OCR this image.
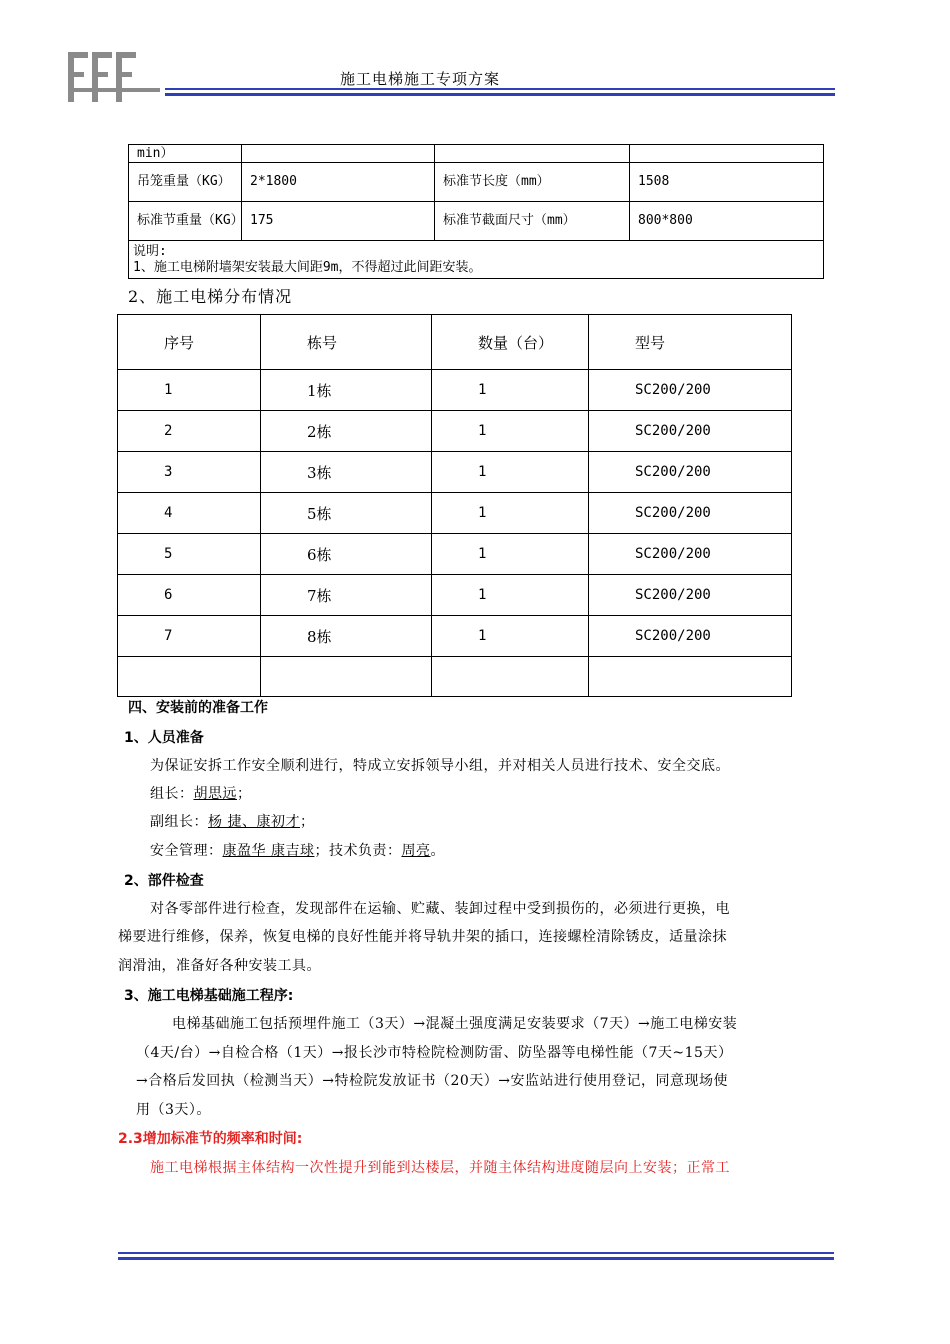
施工电梯施工专项方案
min）			
吊笼重量（KG）	2*1800	标准节长度（mm）	1508
标准节重量（KG）	175	标准节截面尺寸（mm）	800*800

说明:
1、施工电梯附墙架安装最大间距9m，不得超过此间距安装。			
2、施工电梯分布情况
序号	栋号	数量（台）	型号
1	1栋	1	SC200/200
2	2栋	1	SC200/200
3	3栋	1	SC200/200
4	5栋	1	SC200/200
5	6栋	1	SC200/200
6	7栋	1	SC200/200
7	8栋	1	SC200/200

四、安装前的准备工作
1、人员准备
为保证安拆工作安全顺利进行，特成立安拆领导小组，并对相关人员进行技术、安全交底。
组长：胡思远；
副组长：杨 捷、康初才；
安全管理：康盈华 康吉球；技术负责：周亮。
2、部件检查
对各零部件进行检查，发现部件在运输、贮藏、装卸过程中受到损伤的，必须进行更换，电
梯要进行维修，保养，恢复电梯的良好性能并将导轨井架的插口，连接螺栓清除锈皮，适量涂抹
润滑油，准备好各种安装工具。
3、施工电梯基础施工程序:
电梯基础施工包括预埋件施工（3天）→混凝土强度满足安装要求（7天）→施工电梯安装
（4天/台）→自检合格（1天）→报长沙市特检院检测防雷、防坠器等电梯性能（7天~15天）
→合格后发回执（检测当天）→特检院发放证书（20天）→安监站进行使用登记，同意现场使
用（3天）。
2.3增加标准节的频率和时间:
施工电梯根据主体结构一次性提升到能到达楼层，并随主体结构进度随层向上安装；正常工
